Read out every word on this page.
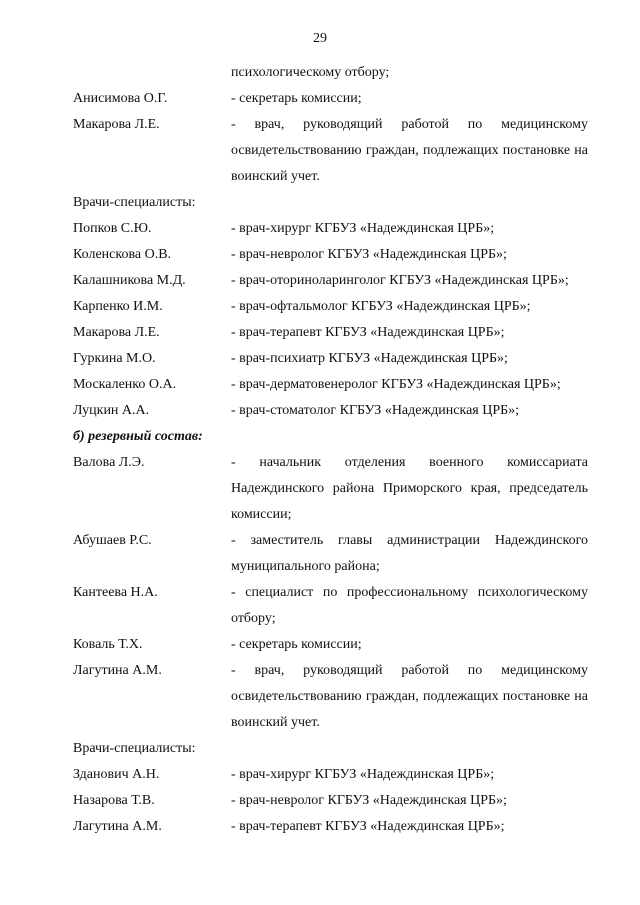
29
психологическому отбору;
Анисимова О.Г.	- секретарь комиссии;
Макарова Л.Е.	- врач, руководящий работой по медицинскому освидетельствованию граждан, подлежащих постановке на воинский учет.
Врачи-специалисты:
Попков С.Ю.	- врач-хирург КГБУЗ «Надеждинская ЦРБ»;
Коленскова О.В.	- врач-невролог КГБУЗ «Надеждинская ЦРБ»;
Калашникова М.Д.	- врач-оториноларинголог КГБУЗ «Надеждинская ЦРБ»;
Карпенко И.М.	- врач-офтальмолог КГБУЗ «Надеждинская ЦРБ»;
Макарова Л.Е.	- врач-терапевт КГБУЗ «Надеждинская ЦРБ»;
Гуркина М.О.	- врач-психиатр КГБУЗ «Надеждинская ЦРБ»;
Москаленко О.А.	- врач-дерматовенеролог КГБУЗ «Надеждинская ЦРБ»;
Луцкин А.А.	- врач-стоматолог КГБУЗ «Надеждинская ЦРБ»;
б) резервный состав:
Валова Л.Э.	- начальник отделения военного комиссариата Надеждинского района Приморского края, председатель комиссии;
Абушаев Р.С.	- заместитель главы администрации Надеждинского муниципального района;
Кантеева Н.А.	- специалист по профессиональному психологическому отбору;
Коваль Т.Х.	- секретарь комиссии;
Лагутина А.М.	- врач, руководящий работой по медицинскому освидетельствованию граждан, подлежащих постановке на воинский учет.
Врачи-специалисты:
Зданович А.Н.	- врач-хирург КГБУЗ «Надеждинская ЦРБ»;
Назарова Т.В.	- врач-невролог КГБУЗ «Надеждинская ЦРБ»;
Лагутина А.М.	- врач-терапевт КГБУЗ «Надеждинская ЦРБ»;
